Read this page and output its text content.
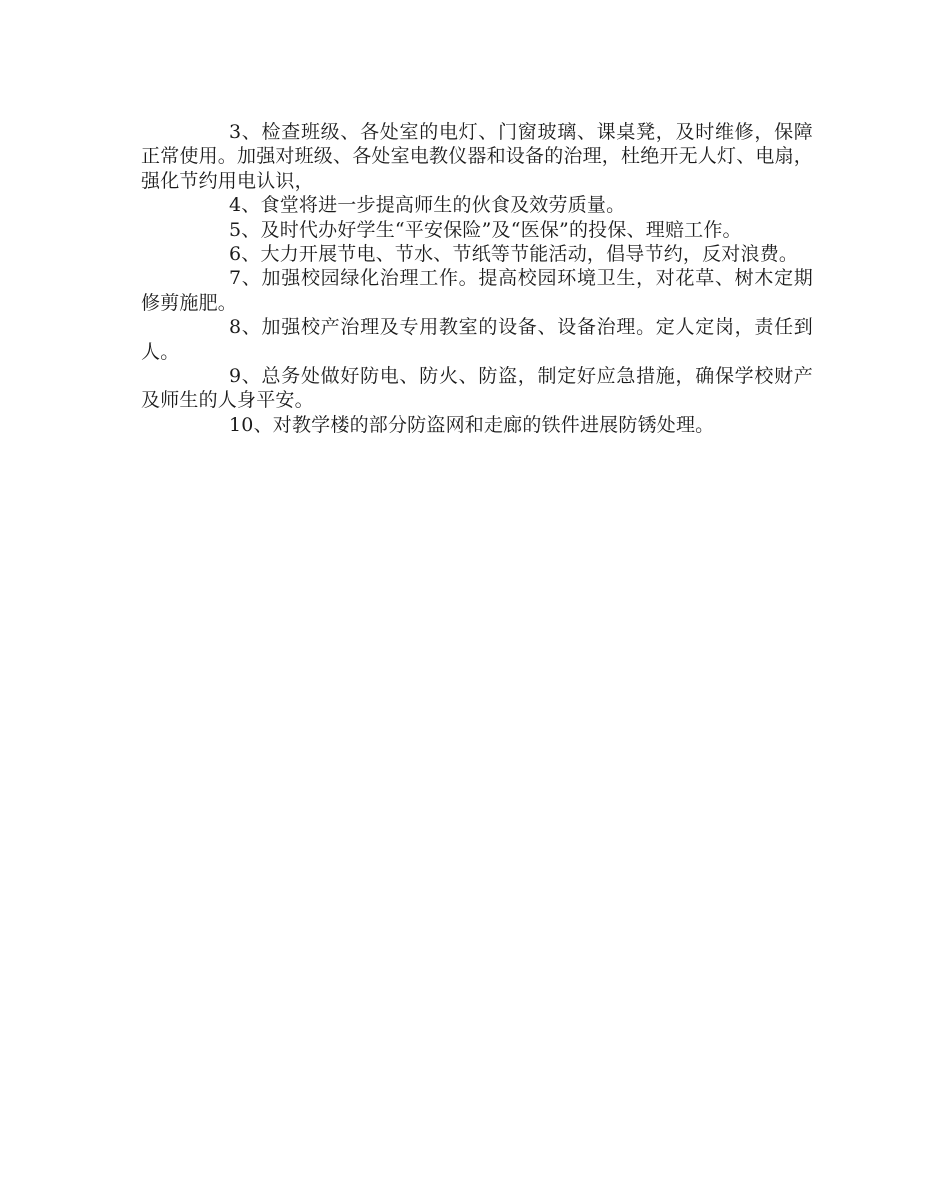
3、检查班级、各处室的电灯、门窗玻璃、课桌凳，及时维修，保障正常使用。加强对班级、各处室电教仪器和设备的治理，杜绝开无人灯、电扇，强化节约用电认识，

4、食堂将进一步提高师生的伙食及效劳质量。

5、及时代办好学生“平安保险”及“医保”的投保、理赔工作。

6、大力开展节电、节水、节纸等节能活动，倡导节约，反对浪费。

7、加强校园绿化治理工作。提高校园环境卫生，对花草、树木定期修剪施肥。

8、加强校产治理及专用教室的设备、设备治理。定人定岗，责任到人。

9、总务处做好防电、防火、防盗，制定好应急措施，确保学校财产及师生的人身平安。

10、对教学楼的部分防盗网和走廊的铁件进展防锈处理。
